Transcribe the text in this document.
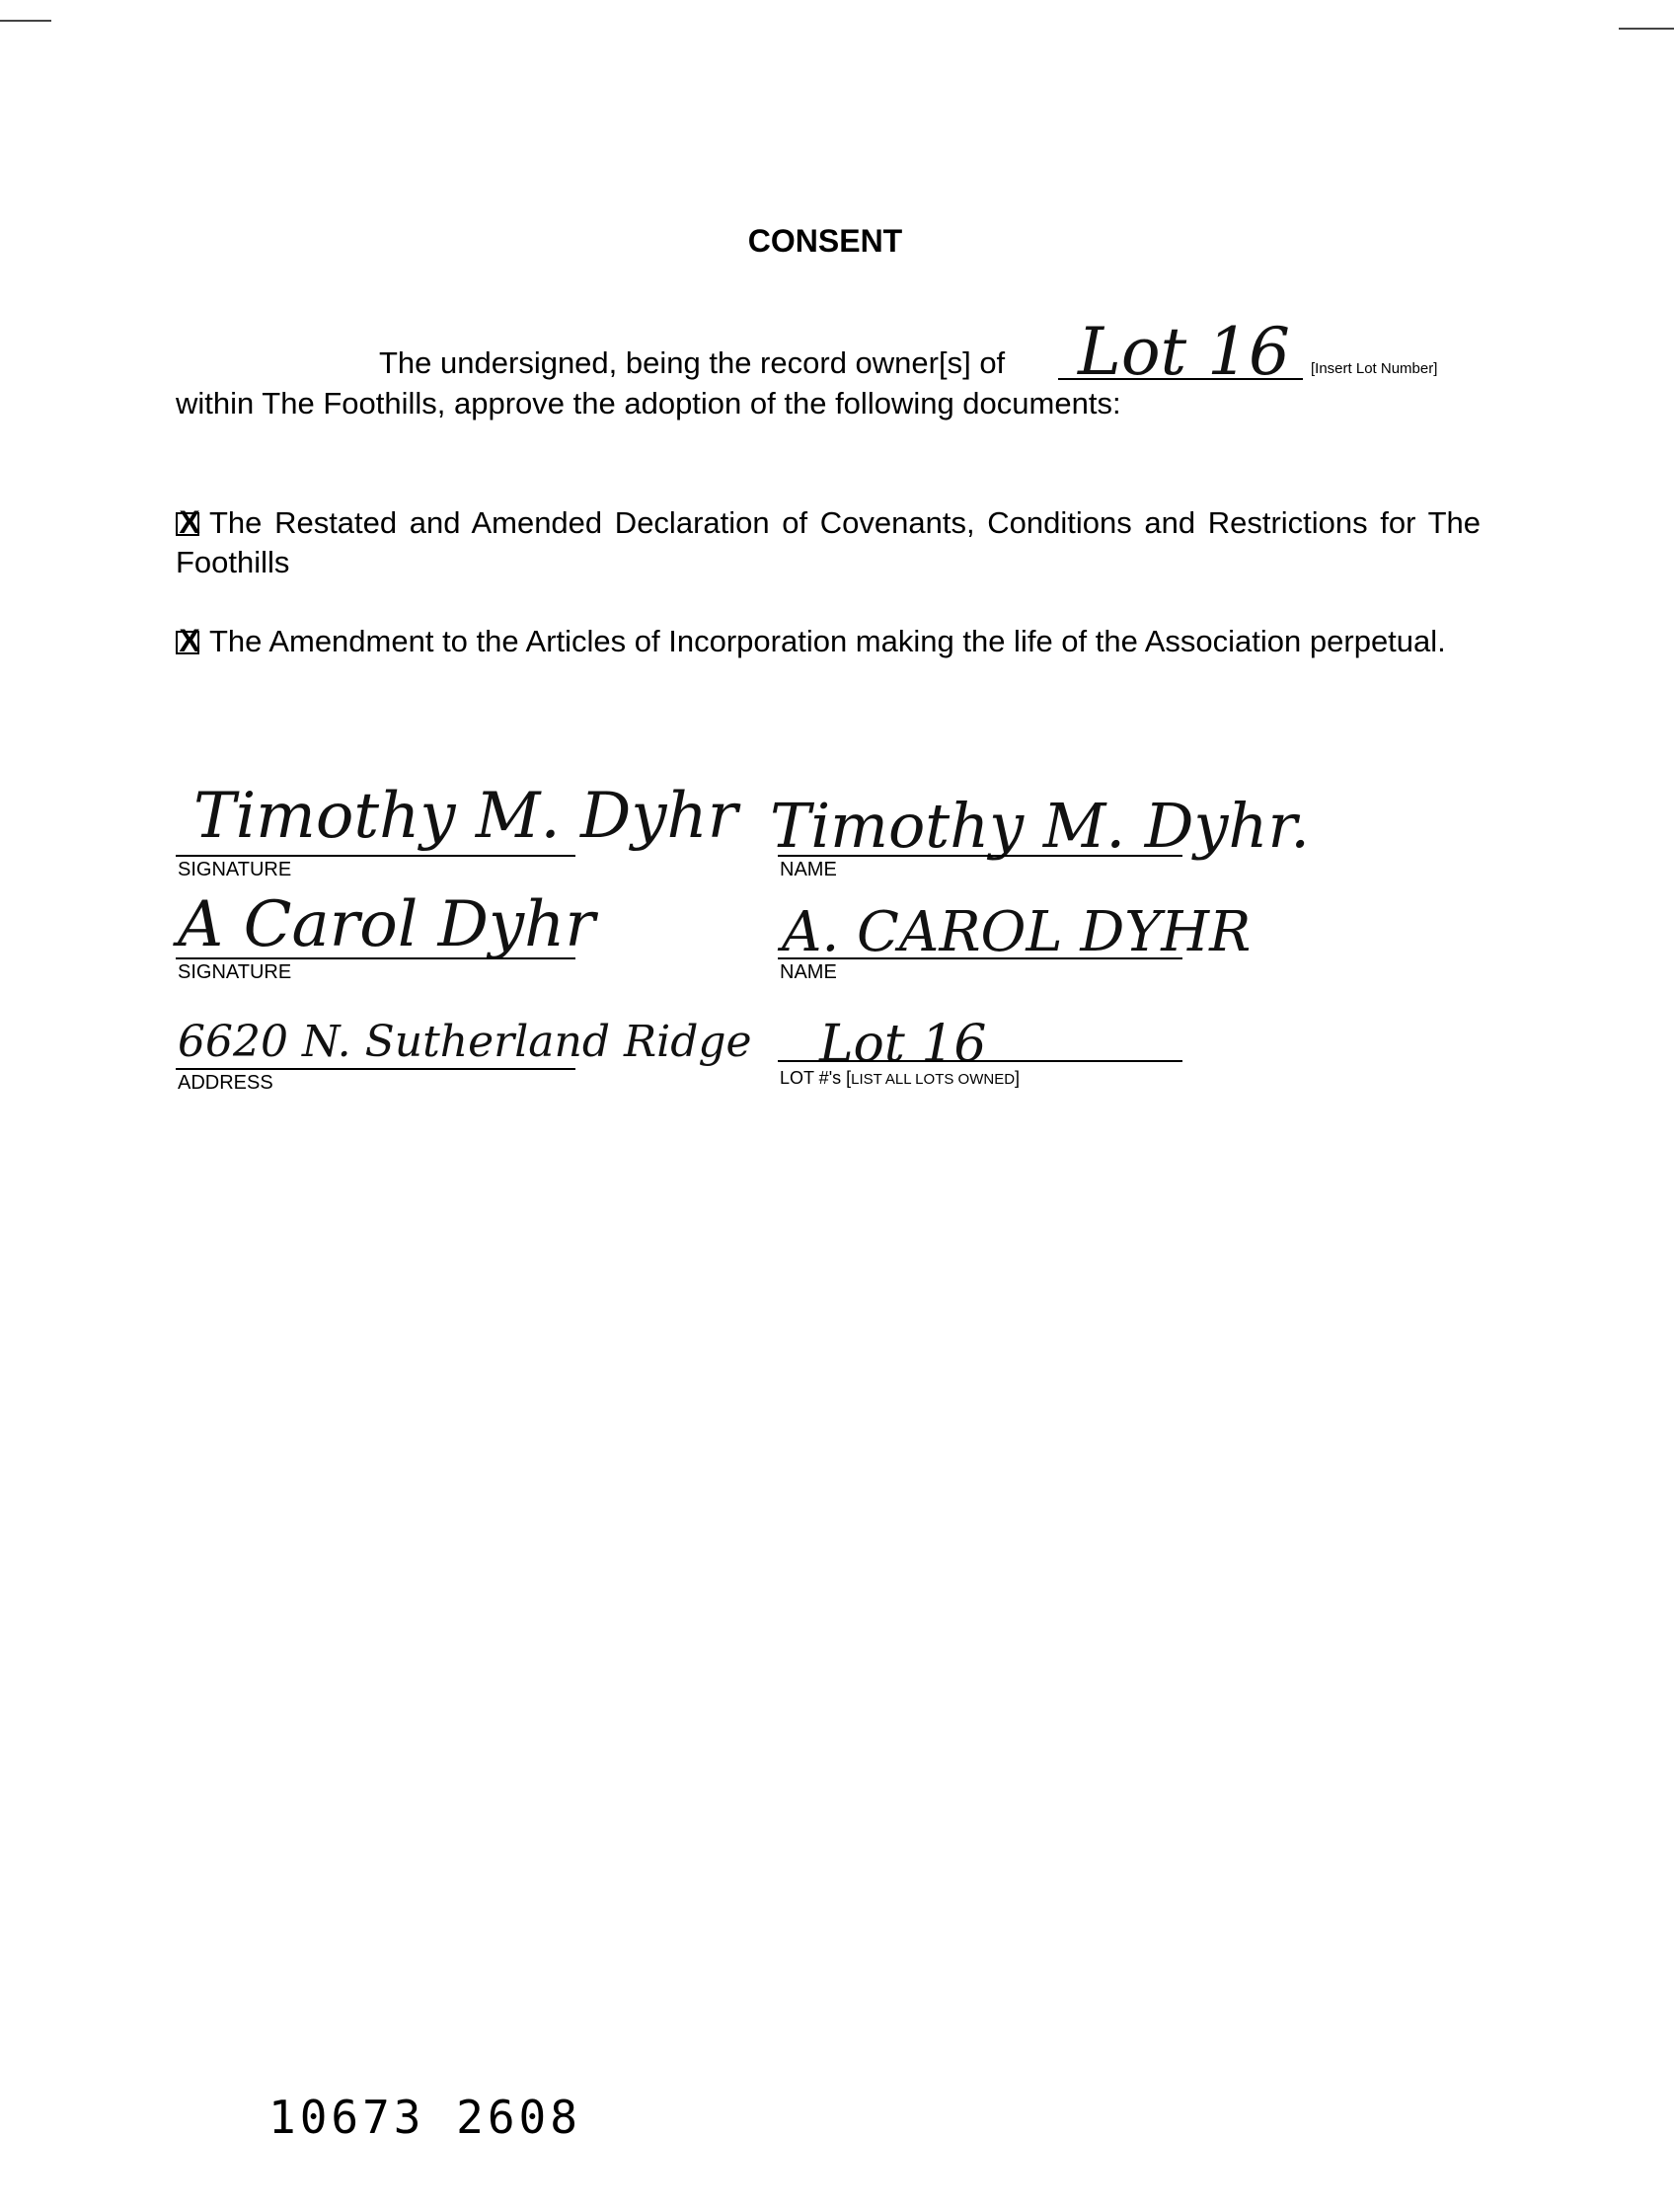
CONSENT
The undersigned, being the record owner[s] of Lot 16 [Insert Lot Number]
within The Foothills, approve the adoption of the following documents:
X The Restated and Amended Declaration of Covenants, Conditions and Restrictions for The Foothills
X The Amendment to the Articles of Incorporation making the life of the Association perpetual.
Timothy M. Dyhr
SIGNATURE
A Carol Dyhr
SIGNATURE
6620 N. Sutherland Ridge
ADDRESS
Timothy M. Dyhr.
NAME
A. CAROL DYHR
NAME
Lot 16
LOT #'s [LIST ALL LOTS OWNED]
10673 2608
